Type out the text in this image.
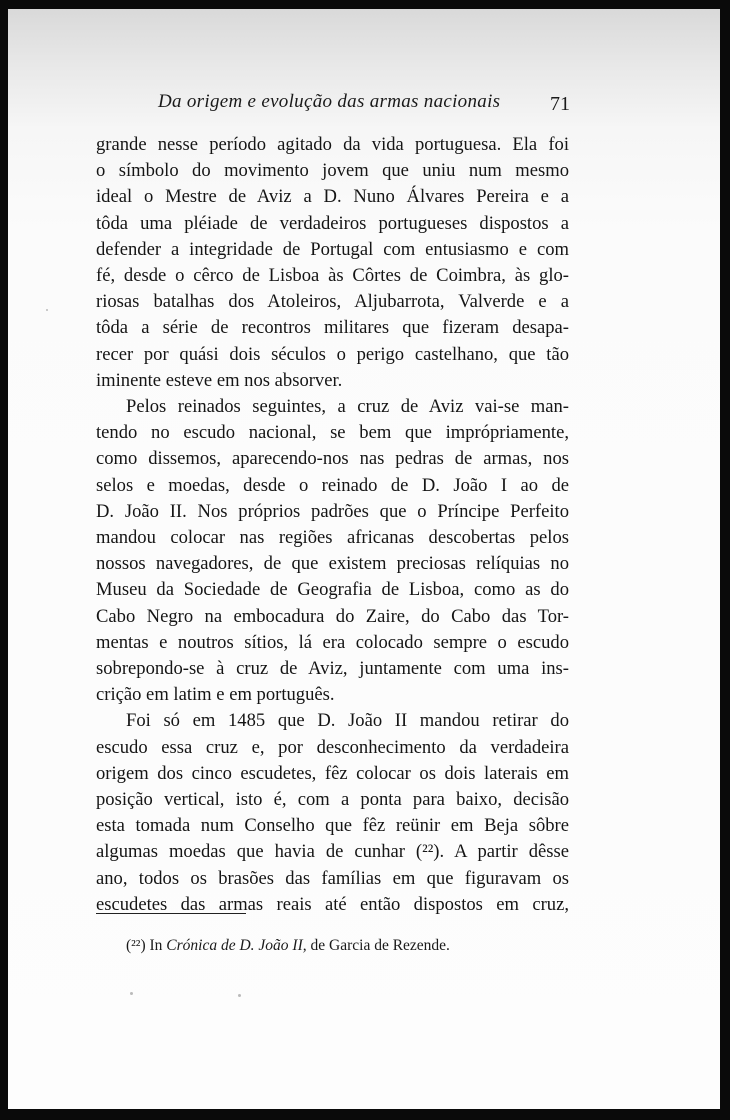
Da origem e evolução das armas nacionais 71
grande nesse período agitado da vida portuguesa. Ela foi
o símbolo do movimento jovem que uniu num mesmo
ideal o Mestre de Aviz a D. Nuno Álvares Pereira e a
tôda uma pléiade de verdadeiros portugueses dispostos a
defender a integridade de Portugal com entusiasmo e com
fé, desde o cêrco de Lisboa às Côrtes de Coimbra, às glo-
riosas batalhas dos Atoleiros, Aljubarrota, Valverde e a
tôda a série de recontros militares que fizeram desapa-
recer por quási dois séculos o perigo castelhano, que tão
iminente esteve em nos absorver.
Pelos reinados seguintes, a cruz de Aviz vai-se man-
tendo no escudo nacional, se bem que imprópriamente,
como dissemos, aparecendo-nos nas pedras de armas, nos
selos e moedas, desde o reinado de D. João I ao de
D. João II. Nos próprios padrões que o Príncipe Perfeito
mandou colocar nas regiões africanas descobertas pelos
nossos navegadores, de que existem preciosas relíquias no
Museu da Sociedade de Geografia de Lisboa, como as do
Cabo Negro na embocadura do Zaire, do Cabo das Tor-
mentas e noutros sítios, lá era colocado sempre o escudo
sobrepondo-se à cruz de Aviz, juntamente com uma ins-
crição em latim e em português.
Foi só em 1485 que D. João II mandou retirar do
escudo essa cruz e, por desconhecimento da verdadeira
origem dos cinco escudetes, fêz colocar os dois laterais em
posição vertical, isto é, com a ponta para baixo, decisão
esta tomada num Conselho que fêz reünir em Beja sôbre
algumas moedas que havia de cunhar (²²). A partir dêsse
ano, todos os brasões das famílias em que figuravam os
escudetes das armas reais até então dispostos em cruz,
(²²) In Crónica de D. João II, de Garcia de Rezende.
